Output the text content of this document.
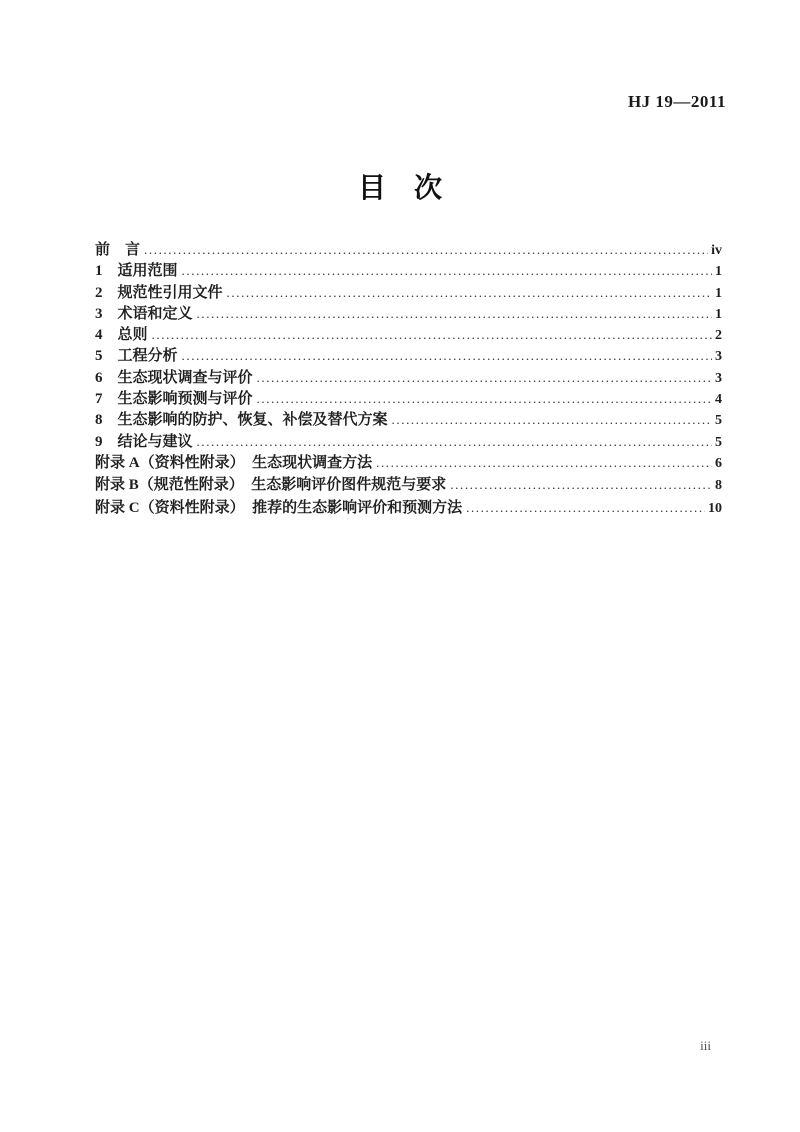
HJ 19—2011
目　次
前　言 .....	iv
1　适用范围 .....	1
2　规范性引用文件 .....	1
3　术语和定义 .....	1
4　总则 .....	2
5　工程分析 .....	3
6　生态现状调查与评价 .....	3
7　生态影响预测与评价 .....	4
8　生态影响的防护、恢复、补偿及替代方案 .....	5
9　结论与建议 .....	5
附录 A（资料性附录）　生态现状调查方法 .....	6
附录 B（规范性附录）　生态影响评价图件规范与要求 .....	8
附录 C（资料性附录）　推荐的生态影响评价和预测方法 .....	10
iii
